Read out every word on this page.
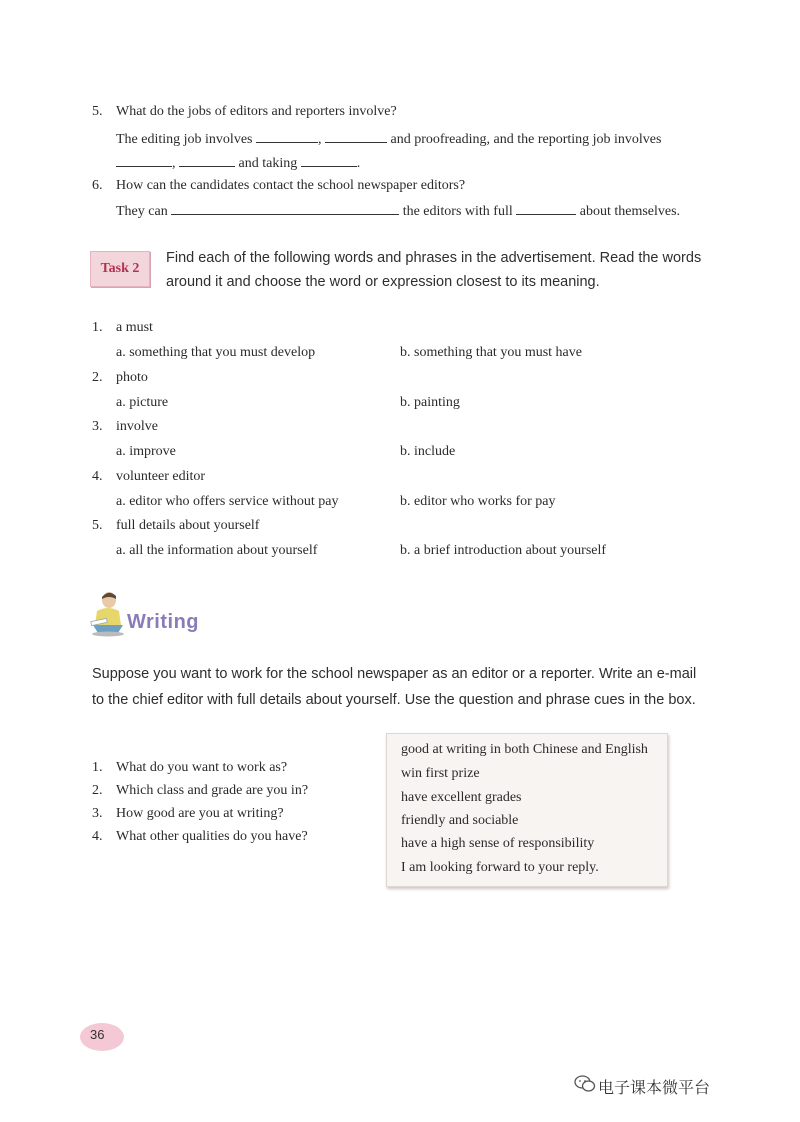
5. What do the jobs of editors and reporters involve?
The editing job involves	,	and proofreading, and the reporting job involves
,	and taking	.
6. How can the candidates contact the school newspaper editors?
They can	the editors with full	about themselves.
Task 2
Find each of the following words and phrases in the advertisement. Read the words around it and choose the word or expression closest to its meaning.
1. a must
a. something that you must develop	b. something that you must have
2. photo
a. picture	b. painting
3. involve
a. improve	b. include
4. volunteer editor
a. editor who offers service without pay	b. editor who works for pay
5. full details about yourself
a. all the information about yourself	b. a brief introduction about yourself
Writing
Suppose you want to work for the school newspaper as an editor or a reporter. Write an e-mail to the chief editor with full details about yourself. Use the question and phrase cues in the box.
1. What do you want to work as?
2. Which class and grade are you in?
3. How good are you at writing?
4. What other qualities do you have?
good at writing in both Chinese and English
win first prize
have excellent grades
friendly and sociable
have a high sense of responsibility
I am looking forward to your reply.
36
电子课本微平台
